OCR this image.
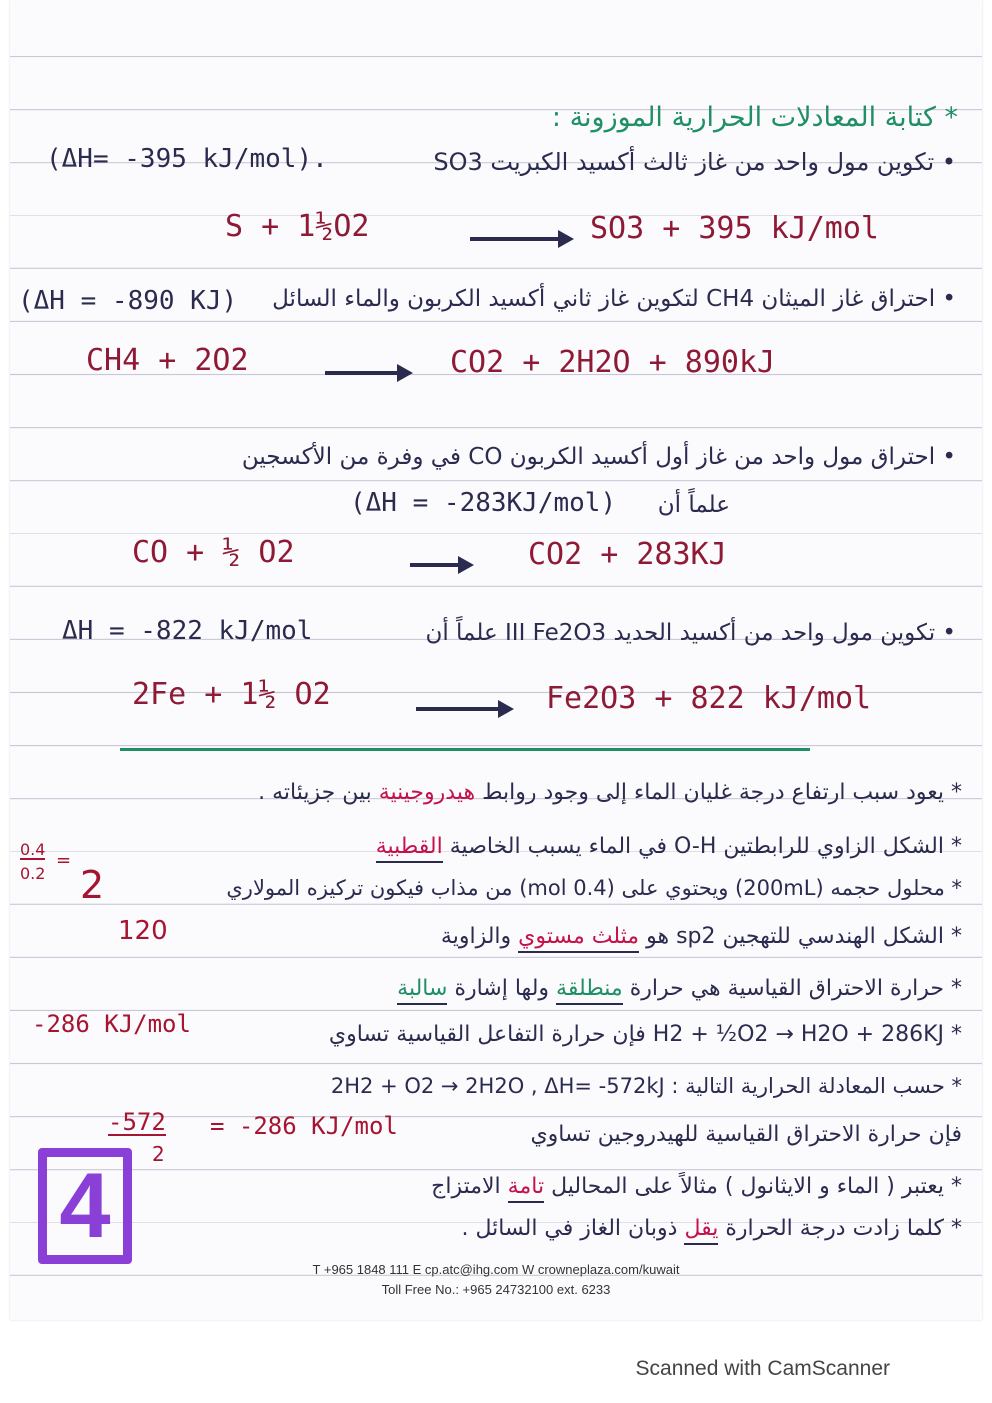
* كتابة المعادلات الحرارية الموزونة :
• تكوين مول واحد من غاز ثالث أكسيد الكبريت SO3
(ΔH= -395 kJ/mol).
S + 1½O2	SO3 + 395 kJ/mol
• احتراق غاز الميثان CH4 لتكوين غاز ثاني أكسيد الكربون والماء السائل
(ΔH = -890 KJ)
CH4 + 2O2	CO2 + 2H2O + 890kJ
• احتراق مول واحد من غاز أول أكسيد الكربون CO في وفرة من الأكسجين
علماً أن
(ΔH = -283KJ/mol)
CO + ½ O2	CO2 + 283KJ
• تكوين مول واحد من أكسيد الحديد III Fe2O3 علماً أن
ΔH = -822 kJ/mol
2Fe + 1½ O2	Fe2O3 + 822 kJ/mol
* يعود سبب ارتفاع درجة غليان الماء إلى وجود روابط هيدروجينية بين جزيئاته .
* الشكل الزاوي للرابطتين O-H في الماء يسبب الخاصية القطبية
* محلول حجمه (200mL) ويحتوي على (0.4 mol) من مذاب فيكون تركيزه المولاري
0.4
0.2
=
2
* الشكل الهندسي للتهجين sp2 هو مثلث مستوي والزاوية
120
* حرارة الاحتراق القياسية هي حرارة منطلقة ولها إشارة سالبة
* H2 + ½O2 → H2O + 286KJ فإن حرارة التفاعل القياسية تساوي
-286 KJ/mol
* حسب المعادلة الحرارية التالية : 2H2 + O2 → 2H2O , ΔH= -572kJ
فإن حرارة الاحتراق القياسية للهيدروجين تساوي
-572
2
= -286 KJ/mol
* يعتبر ( الماء و الايثانول ) مثالاً على المحاليل تامة الامتزاج
* كلما زادت درجة الحرارة يقل ذوبان الغاز في السائل .
4
T +965 1848 111 E cp.atc@ihg.com W crowneplaza.com/kuwait
Toll Free No.: +965 24732100 ext. 6233
Scanned with CamScanner
